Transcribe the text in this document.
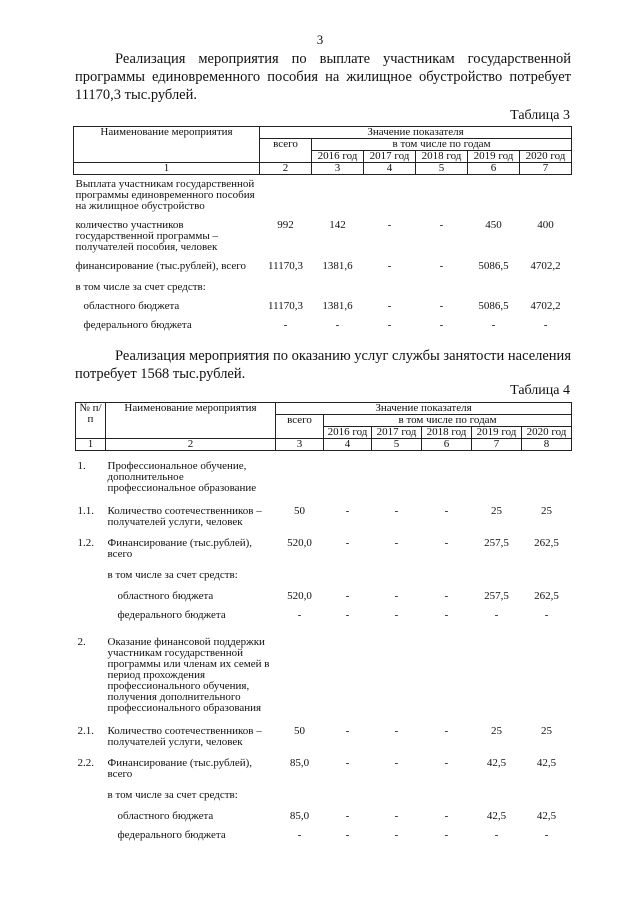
3
Реализация мероприятия по выплате участникам государственной программы единовременного пособия на жилищное обустройство потребует 11170,3 тыс.рублей.
Таблица 3
Наименование мероприятия	Значение показателя					
	всего	в том числе по годам				
		2016 год	2017 год	2018 год	2019 год	2020 год
1	2	3	4	5	6	7
Выплата участникам государственной программы единовременного пособия на жилищное обустройство						
количество участников государственной программы – получателей пособия, человек	992	142	-	-	450	400
финансирование (тыс.рублей), всего	11170,3	1381,6	-	-	5086,5	4702,2
в том числе за счет средств:						
областного бюджета	11170,3	1381,6	-	-	5086,5	4702,2
федерального бюджета	-	-	-	-	-	-
Реализация мероприятия по оказанию услуг службы занятости населения потребует 1568 тыс.рублей.
Таблица 4
№ п/п	Наименование мероприятия	Значение показателя					
		всего	в том числе по годам				
			2016 год	2017 год	2018 год	2019 год	2020 год
1	2	3	4	5	6	7	8
1.	Профессиональное обучение, дополнительное профессиональное образование						
1.1.	Количество соотечественников – получателей услуги, человек	50	-	-	-	25	25
1.2.	Финансирование (тыс.рублей), всего	520,0	-	-	-	257,5	262,5
	в том числе за счет средств:						
	областного бюджета	520,0	-	-	-	257,5	262,5
	федерального бюджета	-	-	-	-	-	-
2.	Оказание финансовой поддержки участникам государственной программы или членам их семей в период прохождения профессионального обучения, получения дополнительного профессионального образования						
2.1.	Количество соотечественников – получателей услуги, человек	50	-	-	-	25	25
2.2.	Финансирование (тыс.рублей), всего	85,0	-	-	-	42,5	42,5
	в том числе за счет средств:						
	областного бюджета	85,0	-	-	-	42,5	42,5
	федерального бюджета	-	-	-	-	-	-
